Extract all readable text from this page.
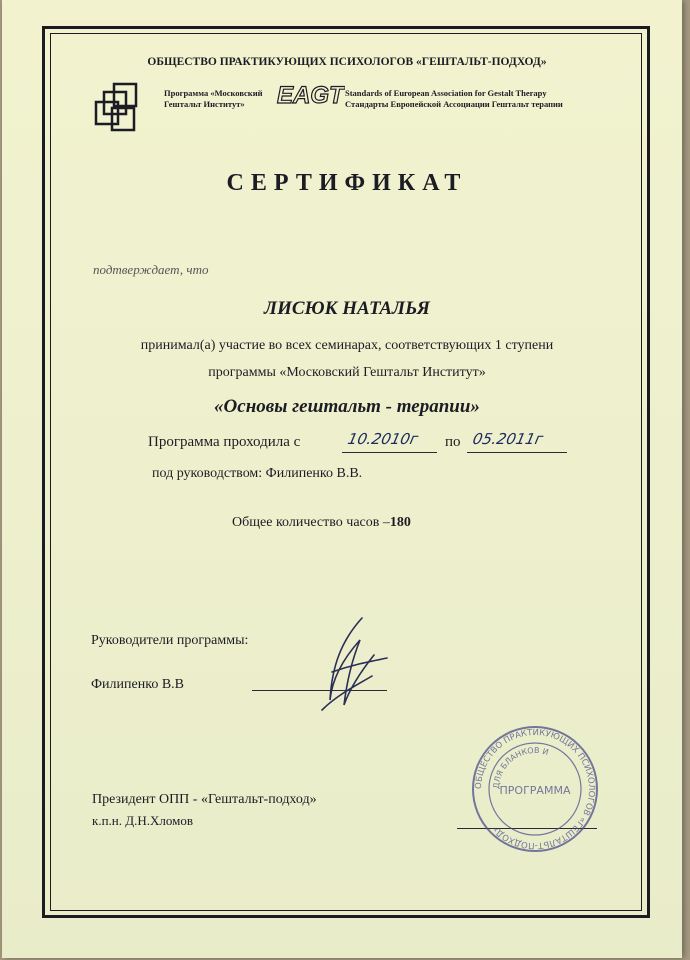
ОБЩЕСТВО ПРАКТИКУЮЩИХ ПСИХОЛОГОВ «ГЕШТАЛЬТ-ПОДХОД»
Программа «Московский
Гештальт Институт» EAGT Standards of European Association for Gestalt Therapy
Стандарты Европейской Ассоциации Гештальт терапии
СЕРТИФИКАТ
подтверждает, что
ЛИСЮК НАТАЛЬЯ
принимал(а) участие во всех семинарах, соответствующих 1 ступени
программы «Московский Гештальт Институт»
«Основы гештальт - терапии»
Программа проходила с	10.2010г по 05.2011г
под руководством: Филипенко В.В.
Общее количество часов –180
Руководители программы:
Филипенко В.В
Президент ОПП - «Гештальт-подход»
к.п.н. Д.Н.Хломов
ОБЩЕСТВО ПРАКТИКУЮЩИХ ПСИХОЛОГОВ «ГЕШТАЛЬТ-ПОДХОД»
ДЛЯ БЛАНКОВ И
ПРОГРАММА
